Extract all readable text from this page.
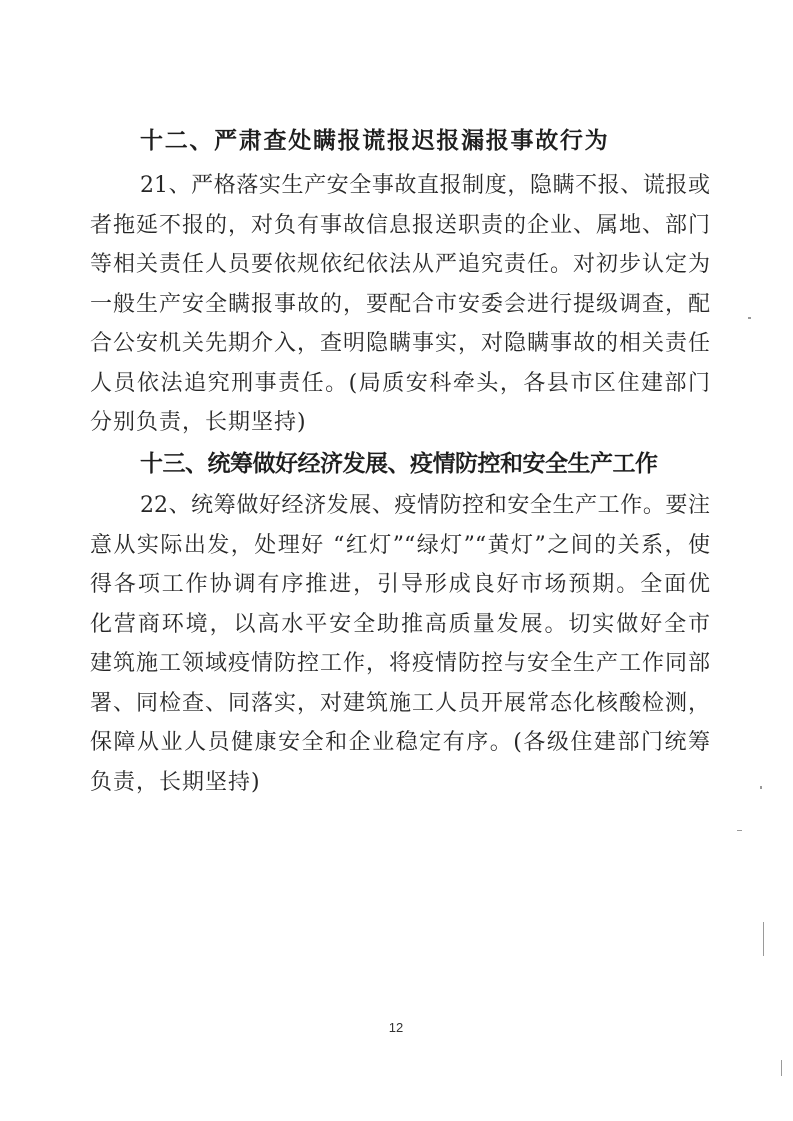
十二、严肃查处瞒报谎报迟报漏报事故行为
21、严格落实生产安全事故直报制度，隐瞒不报、谎报或
者拖延不报的，对负有事故信息报送职责的企业、属地、部门
等相关责任人员要依规依纪依法从严追究责任。对初步认定为
一般生产安全瞒报事故的，要配合市安委会进行提级调查，配
合公安机关先期介入，查明隐瞒事实，对隐瞒事故的相关责任
人员依法追究刑事责任。(局质安科牵头，各县市区住建部门
分别负责，长期坚持)
十三、统筹做好经济发展、疫情防控和安全生产工作
22、统筹做好经济发展、疫情防控和安全生产工作。要注
意从实际出发，处理好 “红灯”“绿灯”“黄灯”之间的关系，使
得各项工作协调有序推进，引导形成良好市场预期。全面优
化营商环境，以高水平安全助推高质量发展。切实做好全市
建筑施工领域疫情防控工作，将疫情防控与安全生产工作同部
署、同检查、同落实，对建筑施工人员开展常态化核酸检测，
保障从业人员健康安全和企业稳定有序。(各级住建部门统筹
负责，长期坚持)
12
